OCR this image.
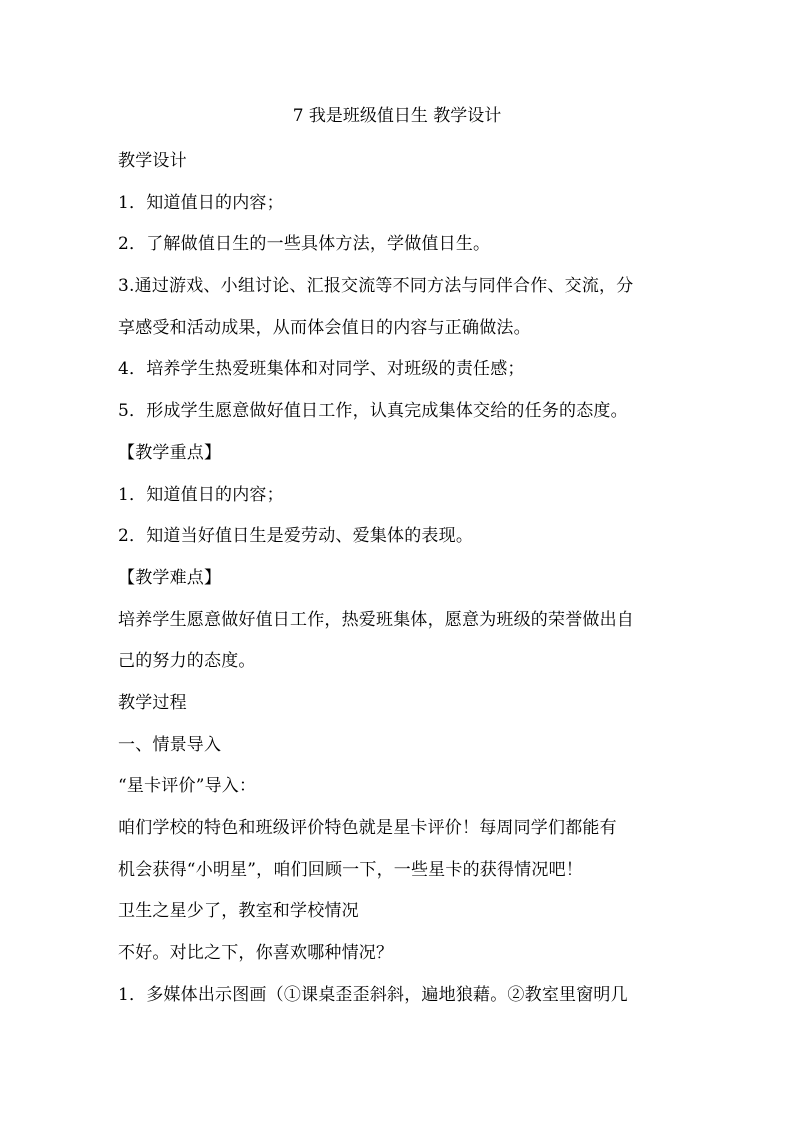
7 我是班级值日生 教学设计
教学设计
1．知道值日的内容；
2．了解做值日生的一些具体方法，学做值日生。
3.通过游戏、小组讨论、汇报交流等不同方法与同伴合作、交流，分
享感受和活动成果，从而体会值日的内容与正确做法。
4．培养学生热爱班集体和对同学、对班级的责任感；
5．形成学生愿意做好值日工作，认真完成集体交给的任务的态度。
【教学重点】
1．知道值日的内容；
2．知道当好值日生是爱劳动、爱集体的表现。
【教学难点】
培养学生愿意做好值日工作，热爱班集体，愿意为班级的荣誉做出自
己的努力的态度。
教学过程
一、情景导入
“星卡评价”导入：
咱们学校的特色和班级评价特色就是星卡评价！每周同学们都能有
机会获得“小明星”，咱们回顾一下，一些星卡的获得情况吧！
卫生之星少了，教室和学校情况
不好。对比之下，你喜欢哪种情况？
1．多媒体出示图画（①课桌歪歪斜斜，遍地狼藉。②教室里窗明几
